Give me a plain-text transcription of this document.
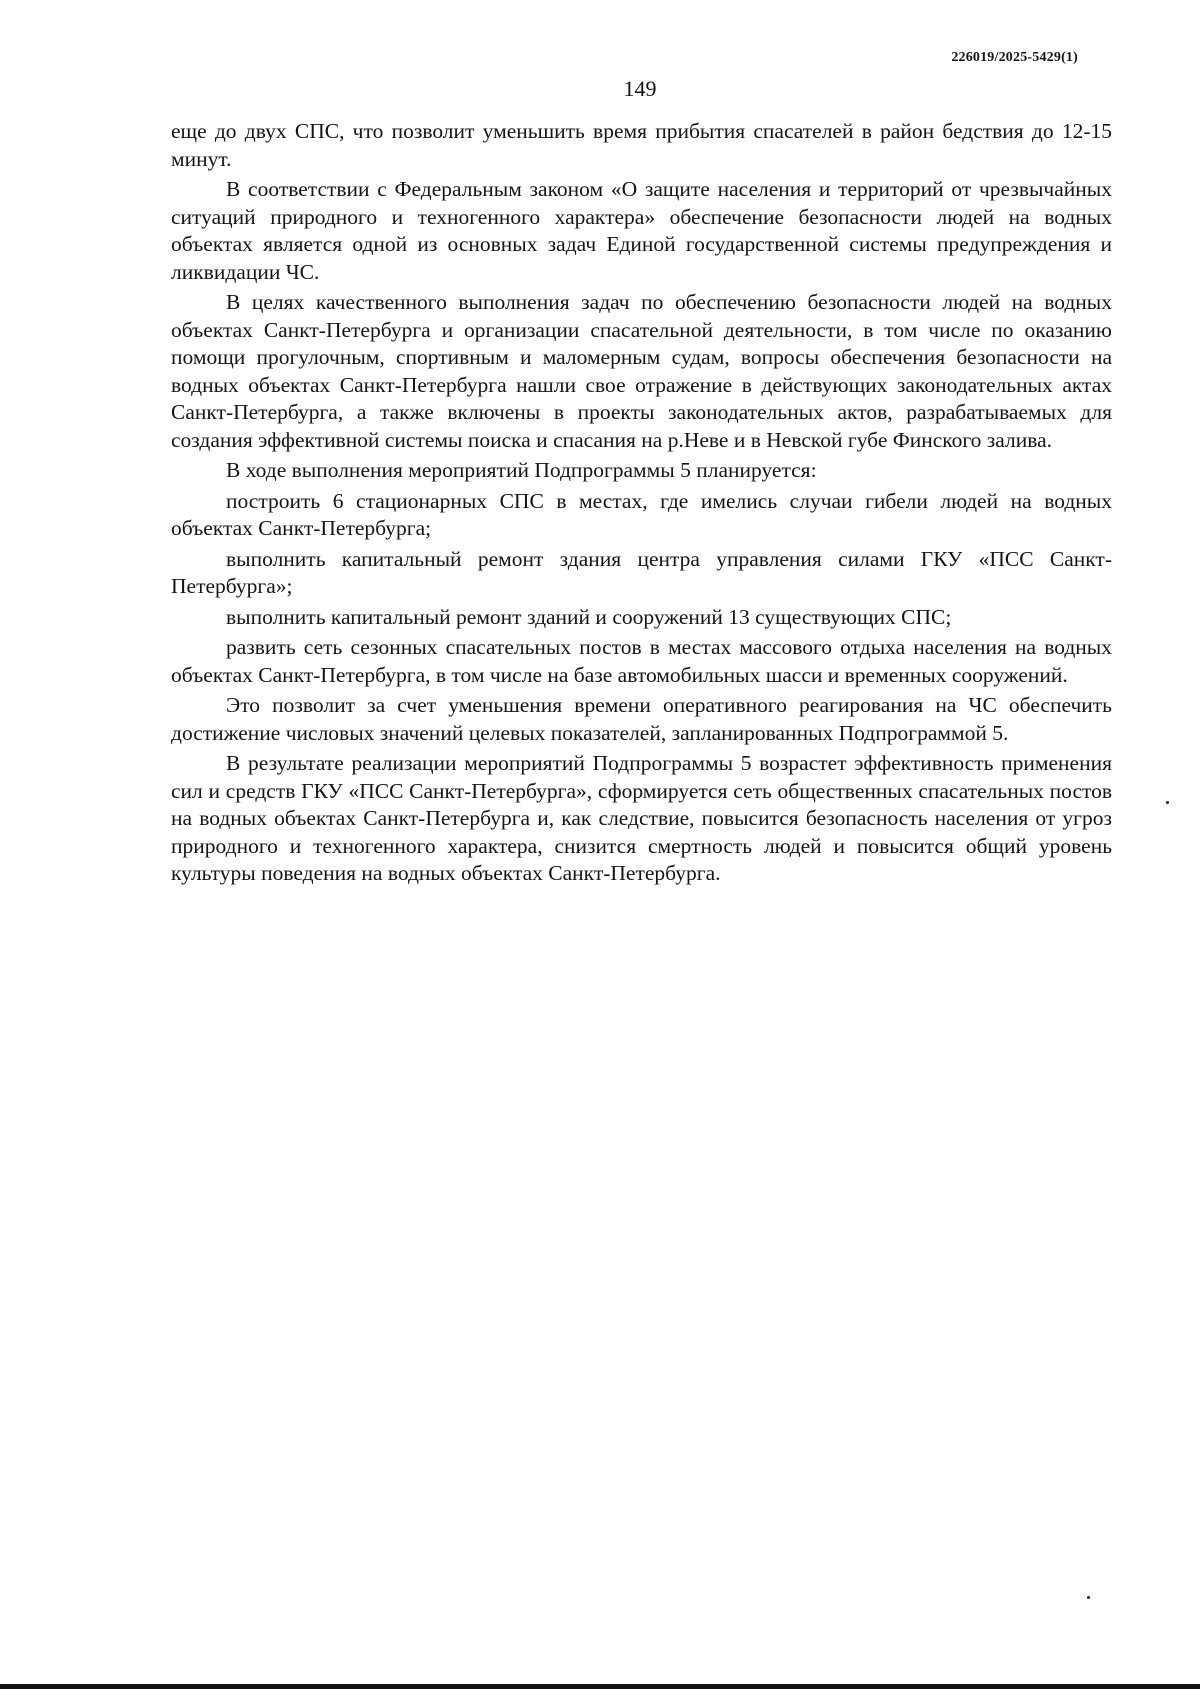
226019/2025-5429(1)
149

еще до двух СПС, что позволит уменьшить время прибытия спасателей в район бедствия до 12-15 минут.

В соответствии с Федеральным законом «О защите населения и территорий от чрезвычайных ситуаций природного и техногенного характера» обеспечение безопасности людей на водных объектах является одной из основных задач Единой государственной системы предупреждения и ликвидации ЧС.

В целях качественного выполнения задач по обеспечению безопасности людей на водных объектах Санкт-Петербурга и организации спасательной деятельности, в том числе по оказанию помощи прогулочным, спортивным и маломерным судам, вопросы обеспечения безопасности на водных объектах Санкт-Петербурга нашли свое отражение в действующих законодательных актах Санкт-Петербурга, а также включены в проекты законодательных актов, разрабатываемых для создания эффективной системы поиска и спасания на р.Неве и в Невской губе Финского залива.

В ходе выполнения мероприятий Подпрограммы 5 планируется:

построить 6 стационарных СПС в местах, где имелись случаи гибели людей на водных объектах Санкт-Петербурга;

выполнить капитальный ремонт здания центра управления силами ГКУ «ПСС Санкт-Петербурга»;

выполнить капитальный ремонт зданий и сооружений 13 существующих СПС;

развить сеть сезонных спасательных постов в местах массового отдыха населения на водных объектах Санкт-Петербурга, в том числе на базе автомобильных шасси и временных сооружений.

Это позволит за счет уменьшения времени оперативного реагирования на ЧС обеспечить достижение числовых значений целевых показателей, запланированных Подпрограммой 5.

В результате реализации мероприятий Подпрограммы 5 возрастет эффективность применения сил и средств ГКУ «ПСС Санкт-Петербурга», сформируется сеть общественных спасательных постов на водных объектах Санкт-Петербурга и, как следствие, повысится безопасность населения от угроз природного и техногенного характера, снизится смертность людей и повысится общий уровень культуры поведения на водных объектах Санкт-Петербурга.
